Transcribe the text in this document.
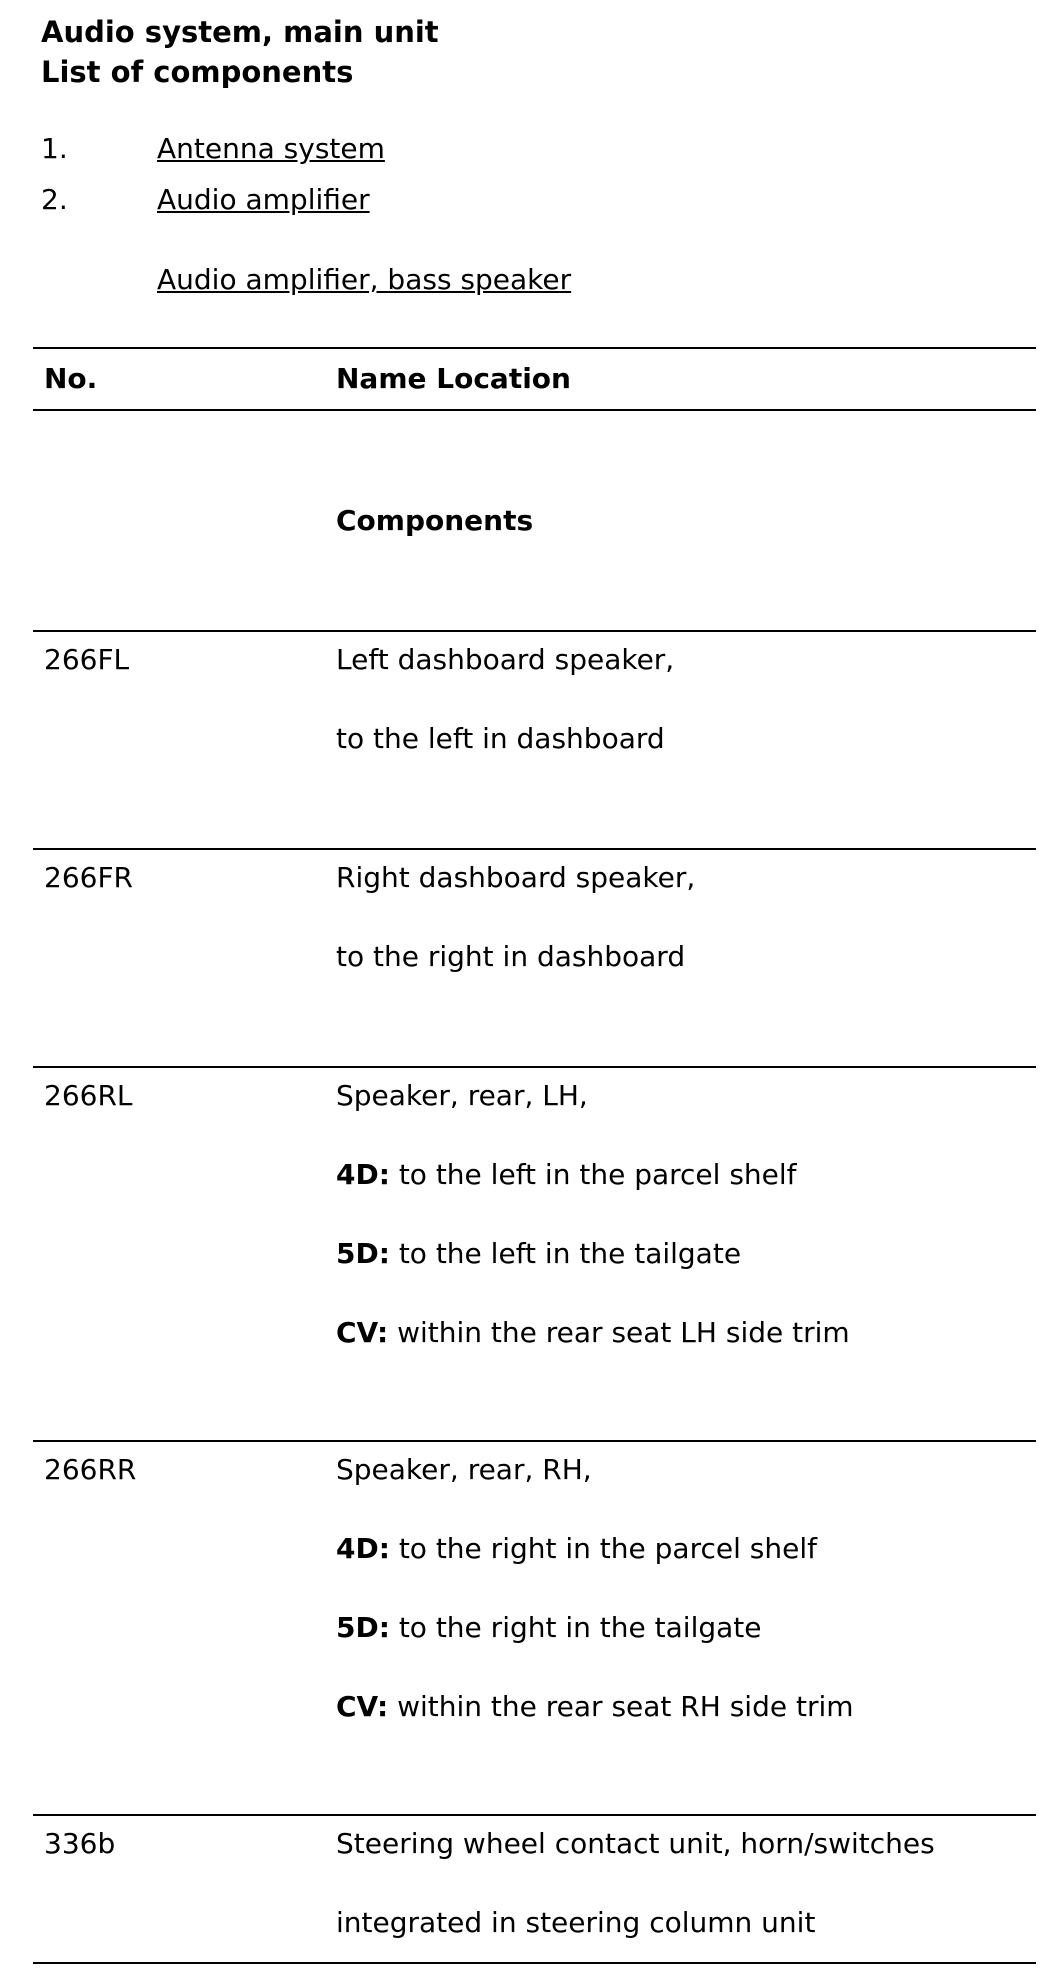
Audio system, main unit
List of components
1.	Antenna system
2.	Audio amplifier
Audio amplifier, bass speaker
No.	Name Location
Components
266FL	Left dashboard speaker,
to the left in dashboard
266FR	Right dashboard speaker,
to the right in dashboard
266RL	Speaker, rear, LH,
4D: to the left in the parcel shelf
5D: to the left in the tailgate
CV: within the rear seat LH side trim
266RR	Speaker, rear, RH,
4D: to the right in the parcel shelf
5D: to the right in the tailgate
CV: within the rear seat RH side trim
336b	Steering wheel contact unit, horn/switches
integrated in steering column unit
